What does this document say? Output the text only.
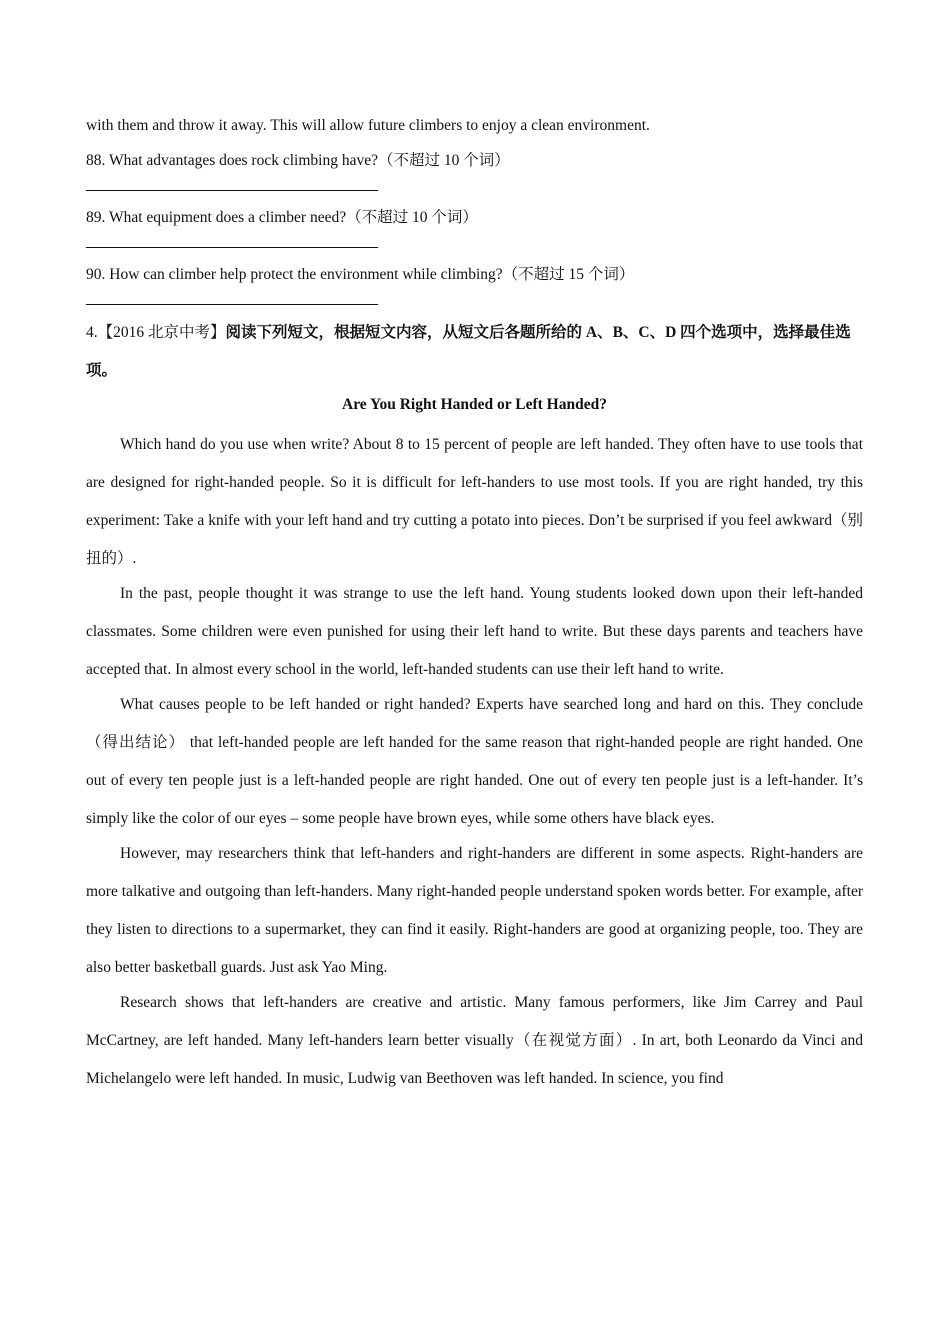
with them and throw it away. This will allow future climbers to enjoy a clean environment.

88. What advantages does rock climbing have?（不超过 10 个词）

89. What equipment does a climber need?（不超过 10 个词）

90. How can climber help protect the environment while climbing?（不超过 15 个词）

4.【2016 北京中考】阅读下列短文，根据短文内容，从短文后各题所给的 A、B、C、D 四个选项中，选择最佳选项。

Are You Right Handed or Left Handed?

Which hand do you use when write? About 8 to 15 percent of people are left handed. They often have to use tools that are designed for right-handed people. So it is difficult for left-handers to use most tools. If you are right handed, try this experiment: Take a knife with your left hand and try cutting a potato into pieces. Don’t be surprised if you feel awkward（别扭的）.

In the past, people thought it was strange to use the left hand. Young students looked down upon their left-handed classmates. Some children were even punished for using their left hand to write. But these days parents and teachers have accepted that. In almost every school in the world, left-handed students can use their left hand to write.

What causes people to be left handed or right handed? Experts have searched long and hard on this. They conclude（得出结论） that left-handed people are left handed for the same reason that right-handed people are right handed. One out of every ten people just is a left-handed people are right handed. One out of every ten people just is a left-hander. It’s simply like the color of our eyes – some people have brown eyes, while some others have black eyes.

However, may researchers think that left-handers and right-handers are different in some aspects. Right-handers are more talkative and outgoing than left-handers. Many right-handed people understand spoken words better. For example, after they listen to directions to a supermarket, they can find it easily. Right-handers are good at organizing people, too. They are also better basketball guards. Just ask Yao Ming.

Research shows that left-handers are creative and artistic. Many famous performers, like Jim Carrey and Paul McCartney, are left handed. Many left-handers learn better visually（在视觉方面）. In art, both Leonardo da Vinci and Michelangelo were left handed. In music, Ludwig van Beethoven was left handed. In science, you find
